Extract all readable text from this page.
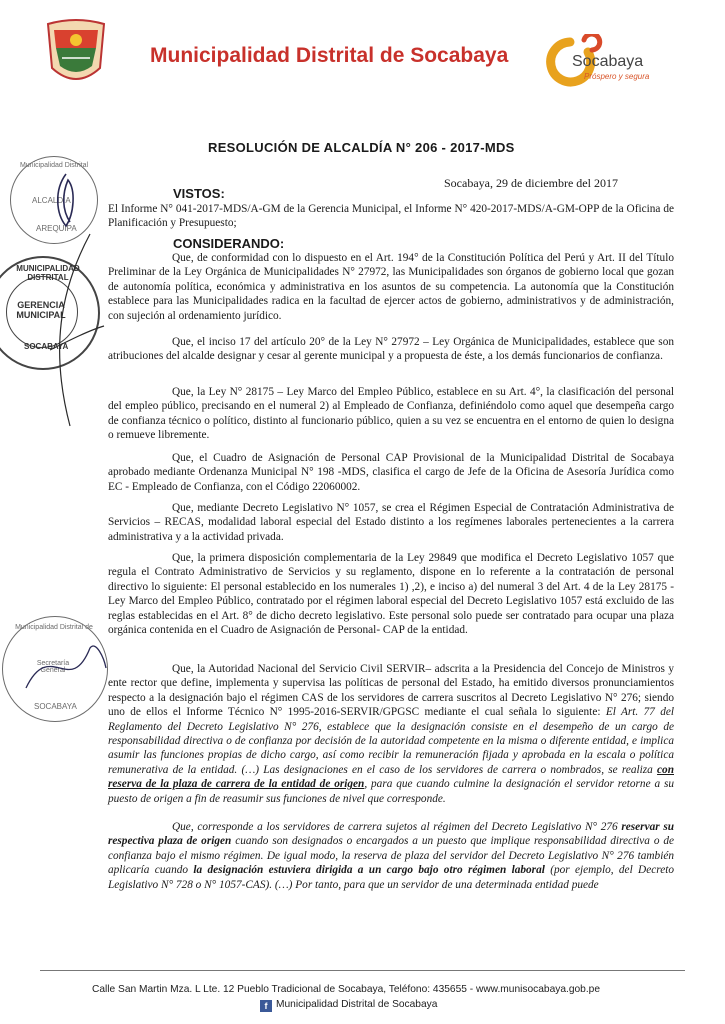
Municipalidad Distrital de Socabaya	Socabaya
Próspero y segura
RESOLUCIÓN DE ALCALDÍA N° 206 - 2017-MDS
Socabaya, 29 de diciembre del 2017
VISTOS:
El Informe N° 041-2017-MDS/A-GM de la Gerencia Municipal, el Informe N° 420-2017-MDS/A-GM-OPP de la Oficina de Planificación y Presupuesto;
CONSIDERANDO:
Que, de conformidad con lo dispuesto en el Art. 194° de la Constitución Política del Perú y Art. II del Título Preliminar de la Ley Orgánica de Municipalidades N° 27972, las Municipalidades son órganos de gobierno local que gozan de autonomía política, económica y administrativa en los asuntos de su competencia. La autonomía que la Constitución establece para las Municipalidades radica en la facultad de ejercer actos de gobierno, administrativos y de administración, con sujeción al ordenamiento jurídico.
Que, el inciso 17 del artículo 20° de la Ley N° 27972 – Ley Orgánica de Municipalidades, establece que son atribuciones del alcalde designar y cesar al gerente municipal y a propuesta de éste, a los demás funcionarios de confianza.
Que, la Ley N° 28175 – Ley Marco del Empleo Público, establece en su Art. 4°, la clasificación del personal del empleo público, precisando en el numeral 2) al Empleado de Confianza, definiéndolo como aquel que desempeña cargo de confianza técnico o político, distinto al funcionario público, quien a su vez se encuentra en el entorno de quien lo designa o remueve libremente.
Que, el Cuadro de Asignación de Personal CAP Provisional de la Municipalidad Distrital de Socabaya aprobado mediante Ordenanza Municipal N° 198 -MDS, clasifica el cargo de Jefe de la Oficina de Asesoría Jurídica como EC - Empleado de Confianza, con el Código 22060002.
Que, mediante Decreto Legislativo N° 1057, se crea el Régimen Especial de Contratación Administrativa de Servicios – RECAS, modalidad laboral especial del Estado distinto a los regímenes laborales pertenecientes a la carrera administrativa y a la actividad privada.
Que, la primera disposición complementaria de la Ley 29849 que modifica el Decreto Legislativo 1057 que regula el Contrato Administrativo de Servicios y su reglamento, dispone en lo referente a la contratación de personal directivo lo siguiente: El personal establecido en los numerales 1) ,2), e inciso a) del numeral 3 del Art. 4 de la Ley 28175 - Ley Marco del Empleo Público, contratado por el régimen laboral especial del Decreto Legislativo 1057 está excluido de las reglas establecidas en el Art. 8° de dicho decreto legislativo. Este personal solo puede ser contratado para ocupar una plaza orgánica contenida en el Cuadro de Asignación de Personal- CAP de la entidad.
Que, la Autoridad Nacional del Servicio Civil SERVIR– adscrita a la Presidencia del Concejo de Ministros y ente rector que define, implementa y supervisa las políticas de personal del Estado, ha emitido diversos pronunciamientos respecto a la designación bajo el régimen CAS de los servidores de carrera suscritos al Decreto Legislativo N° 276; siendo uno de ellos el Informe Técnico N° 1995-2016-SERVIR/GPGSC mediante el cual señala lo siguiente: El Art. 77 del Reglamento del Decreto Legislativo N° 276, establece que la designación consiste en el desempeño de un cargo de responsabilidad directiva o de confianza por decisión de la autoridad competente en la misma o diferente entidad, e implica asumir las funciones propias de dicho cargo, así como recibir la remuneración fijada y aprobada en la escala o política remunerativa de la entidad. (…) Las designaciones en el caso de los servidores de carrera o nombrados, se realiza con reserva de la plaza de carrera de la entidad de origen, para que cuando culmine la designación el servidor retorne a su puesto de origen a fin de reasumir sus funciones de nivel que corresponde.
Que, corresponde a los servidores de carrera sujetos al régimen del Decreto Legislativo N° 276 reservar su respectiva plaza de origen cuando son designados o encargados a un puesto que implique responsabilidad directiva o de confianza bajo el mismo régimen. De igual modo, la reserva de plaza del servidor del Decreto Legislativo N° 276 también aplicaría cuando la designación estuviera dirigida a un cargo bajo otro régimen laboral (por ejemplo, del Decreto Legislativo N° 728 o N° 1057-CAS). (…) Por tanto, para que un servidor de una determinada entidad puede
Municipalidad Distrital
ALCALDÍA
AREQUIPA
MUNICIPALIDAD DISTRITAL
GERENCIA MUNICIPAL
SOCABAYA
Municipalidad Distrital de
Secretaría General
SOCABAYA
Calle San Martin Mza. L Lte. 12 Pueblo Tradicional de Socabaya, Teléfono: 435655 - www.munisocabaya.gob.pe
f Municipalidad Distrital de Socabaya
